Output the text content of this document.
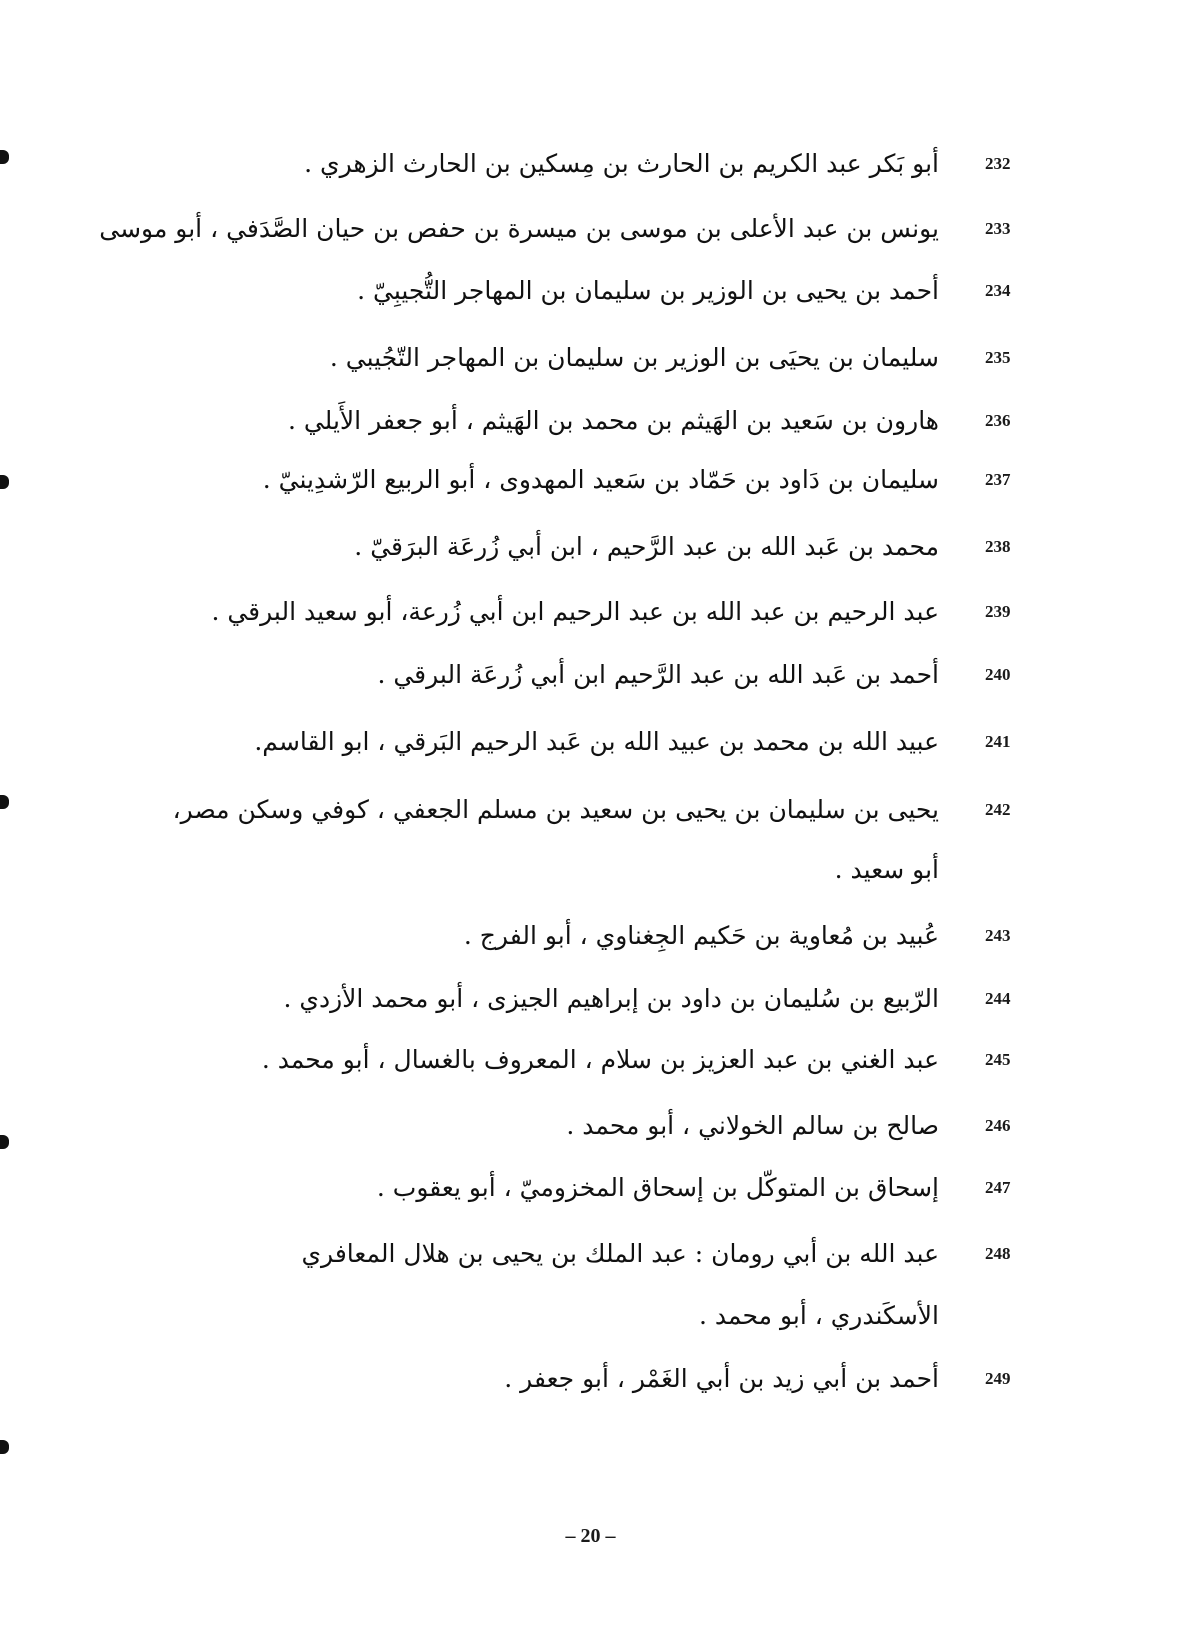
232
أبو بَكر عبد الكريم بن الحارث بن مِسكين بن الحارث الزهري .
233
يونس بن عبد الأعلى بن موسى بن ميسرة بن حفص بن حيان الصَّدَفي ، أبو موسى
234
أحمد بن يحيى بن الوزير بن سليمان بن المهاجر التُّجيبِيّ .
235
سليمان بن يحيَى بن الوزير بن سليمان بن المهاجر التّجُيبي .
236
هارون بن سَعيد بن الهَيثم بن محمد بن الهَيثم ، أبو جعفر الأَيلي .
237
سليمان بن دَاود بن حَمّاد بن سَعيد المهدوى ، أبو الربيع الرّشدِينيّ .
238
محمد بن عَبد الله بن عبد الرَّحيم ، ابن أبي زُرعَة البرَقيّ .
239
عبد الرحيم بن عبد الله بن عبد الرحيم ابن أبي زُرعة، أبو سعيد البرقي .
240
أحمد بن عَبد الله بن عبد الرَّحيم ابن أبي زُرعَة البرقي .
241
عبيد الله بن محمد بن عبيد الله بن عَبد الرحيم البَرقي ، ابو القاسم.
242
يحيى بن سليمان بن يحيى بن سعيد بن مسلم الجعفي ، كوفي وسكن مصر،
أبو سعيد .
243
عُبيد بن مُعاوية بن حَكيم الجِغناوي ، أبو الفرج .
244
الرّبيع بن سُليمان بن داود بن إبراهيم الجيزى ، أبو محمد الأزدي .
245
عبد الغني بن عبد العزيز بن سلام ، المعروف بالغسال ، أبو محمد .
246
صالح بن سالم الخولاني ، أبو محمد .
247
إسحاق بن المتوكّل بن إسحاق المخزوميّ ، أبو يعقوب .
248
عبد الله بن أبي رومان : عبد الملك بن يحيى بن هلال المعافري
الأسكَندري ، أبو محمد .
249
أحمد بن أبي زيد بن أبي الغَمْر ، أبو جعفر .
– 20 –
